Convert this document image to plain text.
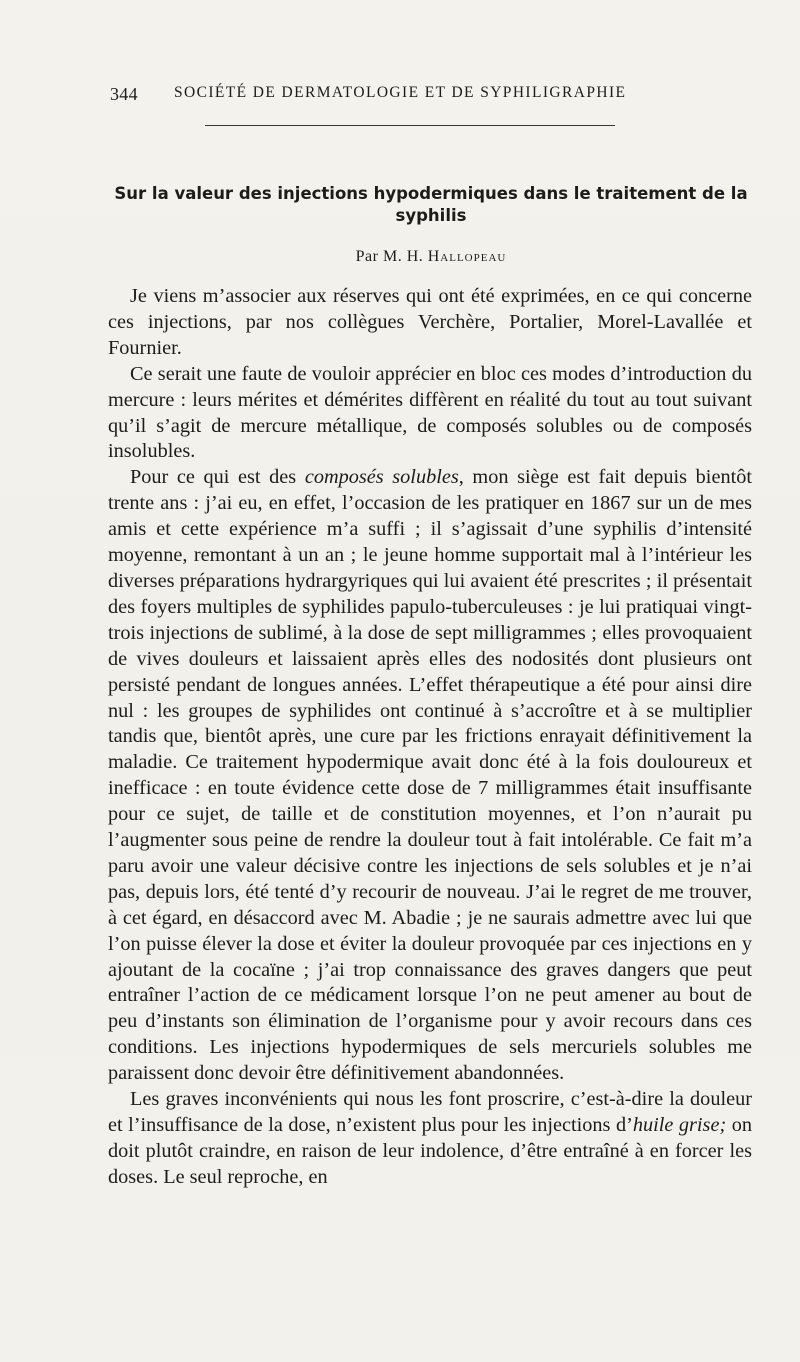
344 SOCIÉTÉ DE DERMATOLOGIE ET DE SYPHILIGRAPHIE
Sur la valeur des injections hypodermiques dans le traitement de la syphilis
Par M. H. Hallopeau

Je viens m’associer aux réserves qui ont été exprimées, en ce qui concerne ces injections, par nos collègues Verchère, Portalier, Morel-Lavallée et Fournier.

Ce serait une faute de vouloir apprécier en bloc ces modes d’introduction du mercure : leurs mérites et démérites diffèrent en réalité du tout au tout suivant qu’il s’agit de mercure métallique, de composés solubles ou de composés insolubles.

Pour ce qui est des composés solubles, mon siège est fait depuis bientôt trente ans : j’ai eu, en effet, l’occasion de les pratiquer en 1867 sur un de mes amis et cette expérience m’a suffi ; il s’agissait d’une syphilis d’intensité moyenne, remontant à un an ; le jeune homme supportait mal à l’intérieur les diverses préparations hydrargyriques qui lui avaient été prescrites ; il présentait des foyers multiples de syphilides papulo-tuberculeuses : je lui pratiquai vingt-trois injections de sublimé, à la dose de sept milligrammes ; elles provoquaient de vives douleurs et laissaient après elles des nodosités dont plusieurs ont persisté pendant de longues années. L’effet thérapeutique a été pour ainsi dire nul : les groupes de syphilides ont continué à s’accroître et à se multiplier tandis que, bientôt après, une cure par les frictions enrayait définitivement la maladie. Ce traitement hypodermique avait donc été à la fois douloureux et inefficace : en toute évidence cette dose de 7 milligrammes était insuffisante pour ce sujet, de taille et de constitution moyennes, et l’on n’aurait pu l’augmenter sous peine de rendre la douleur tout à fait intolérable. Ce fait m’a paru avoir une valeur décisive contre les injections de sels solubles et je n’ai pas, depuis lors, été tenté d’y recourir de nouveau. J’ai le regret de me trouver, à cet égard, en désaccord avec M. Abadie ; je ne saurais admettre avec lui que l’on puisse élever la dose et éviter la douleur provoquée par ces injections en y ajoutant de la cocaïne ; j’ai trop connaissance des graves dangers que peut entraîner l’action de ce médicament lorsque l’on ne peut amener au bout de peu d’instants son élimination de l’organisme pour y avoir recours dans ces conditions. Les injections hypodermiques de sels mercuriels solubles me paraissent donc devoir être définitivement abandonnées.

Les graves inconvénients qui nous les font proscrire, c’est-à-dire la douleur et l’insuffisance de la dose, n’existent plus pour les injections d’huile grise; on doit plutôt craindre, en raison de leur indolence, d’être entraîné à en forcer les doses. Le seul reproche, en
